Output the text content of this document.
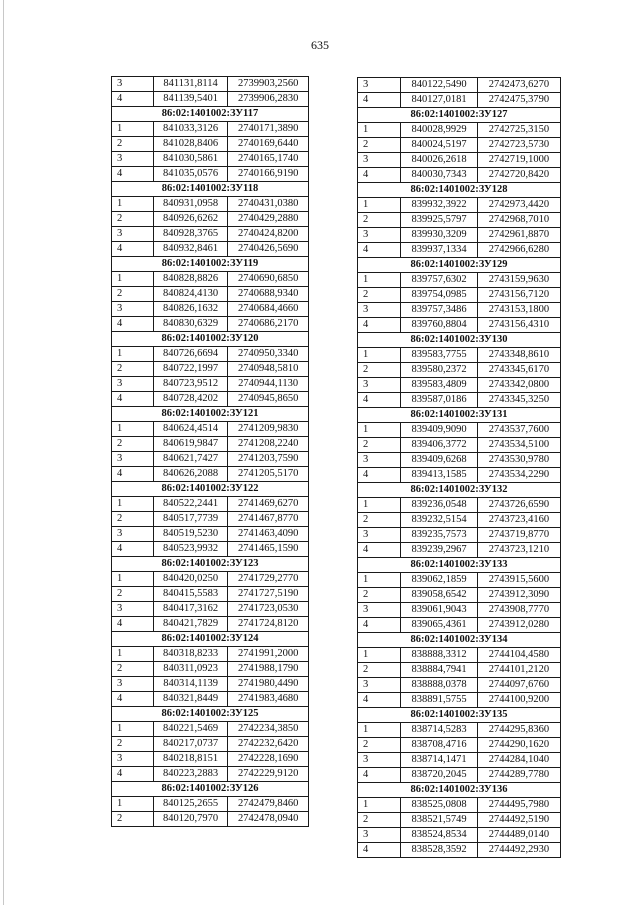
635
3	841131,8114	2739903,2560
4	841139,5401	2739906,2830
86:02:1401002:ЗУ117		
1	841033,3126	2740171,3890
2	841028,8406	2740169,6440
3	841030,5861	2740165,1740
4	841035,0576	2740166,9190
86:02:1401002:ЗУ118		
1	840931,0958	2740431,0380
2	840926,6262	2740429,2880
3	840928,3765	2740424,8200
4	840932,8461	2740426,5690
86:02:1401002:ЗУ119		
1	840828,8826	2740690,6850
2	840824,4130	2740688,9340
3	840826,1632	2740684,4660
4	840830,6329	2740686,2170
86:02:1401002:ЗУ120		
1	840726,6694	2740950,3340
2	840722,1997	2740948,5810
3	840723,9512	2740944,1130
4	840728,4202	2740945,8650
86:02:1401002:ЗУ121		
1	840624,4514	2741209,9830
2	840619,9847	2741208,2240
3	840621,7427	2741203,7590
4	840626,2088	2741205,5170
86:02:1401002:ЗУ122		
1	840522,2441	2741469,6270
2	840517,7739	2741467,8770
3	840519,5230	2741463,4090
4	840523,9932	2741465,1590
86:02:1401002:ЗУ123		
1	840420,0250	2741729,2770
2	840415,5583	2741727,5190
3	840417,3162	2741723,0530
4	840421,7829	2741724,8120
86:02:1401002:ЗУ124		
1	840318,8233	2741991,2000
2	840311,0923	2741988,1790
3	840314,1139	2741980,4490
4	840321,8449	2741983,4680
86:02:1401002:ЗУ125		
1	840221,5469	2742234,3850
2	840217,0737	2742232,6420
3	840218,8151	2742228,1690
4	840223,2883	2742229,9120
86:02:1401002:ЗУ126		
1	840125,2655	2742479,8460
2	840120,7970	2742478,0940
3	840122,5490	2742473,6270
4	840127,0181	2742475,3790
86:02:1401002:ЗУ127		
1	840028,9929	2742725,3150
2	840024,5197	2742723,5730
3	840026,2618	2742719,1000
4	840030,7343	2742720,8420
86:02:1401002:ЗУ128		
1	839932,3922	2742973,4420
2	839925,5797	2742968,7010
3	839930,3209	2742961,8870
4	839937,1334	2742966,6280
86:02:1401002:ЗУ129		
1	839757,6302	2743159,9630
2	839754,0985	2743156,7120
3	839757,3486	2743153,1800
4	839760,8804	2743156,4310
86:02:1401002:ЗУ130		
1	839583,7755	2743348,8610
2	839580,2372	2743345,6170
3	839583,4809	2743342,0800
4	839587,0186	2743345,3250
86:02:1401002:ЗУ131		
1	839409,9090	2743537,7600
2	839406,3772	2743534,5100
3	839409,6268	2743530,9780
4	839413,1585	2743534,2290
86:02:1401002:ЗУ132		
1	839236,0548	2743726,6590
2	839232,5154	2743723,4160
3	839235,7573	2743719,8770
4	839239,2967	2743723,1210
86:02:1401002:ЗУ133		
1	839062,1859	2743915,5600
2	839058,6542	2743912,3090
3	839061,9043	2743908,7770
4	839065,4361	2743912,0280
86:02:1401002:ЗУ134		
1	838888,3312	2744104,4580
2	838884,7941	2744101,2120
3	838888,0378	2744097,6760
4	838891,5755	2744100,9200
86:02:1401002:ЗУ135		
1	838714,5283	2744295,8360
2	838708,4716	2744290,1620
3	838714,1471	2744284,1040
4	838720,2045	2744289,7780
86:02:1401002:ЗУ136		
1	838525,0808	2744495,7980
2	838521,5749	2744492,5190
3	838524,8534	2744489,0140
4	838528,3592	2744492,2930
